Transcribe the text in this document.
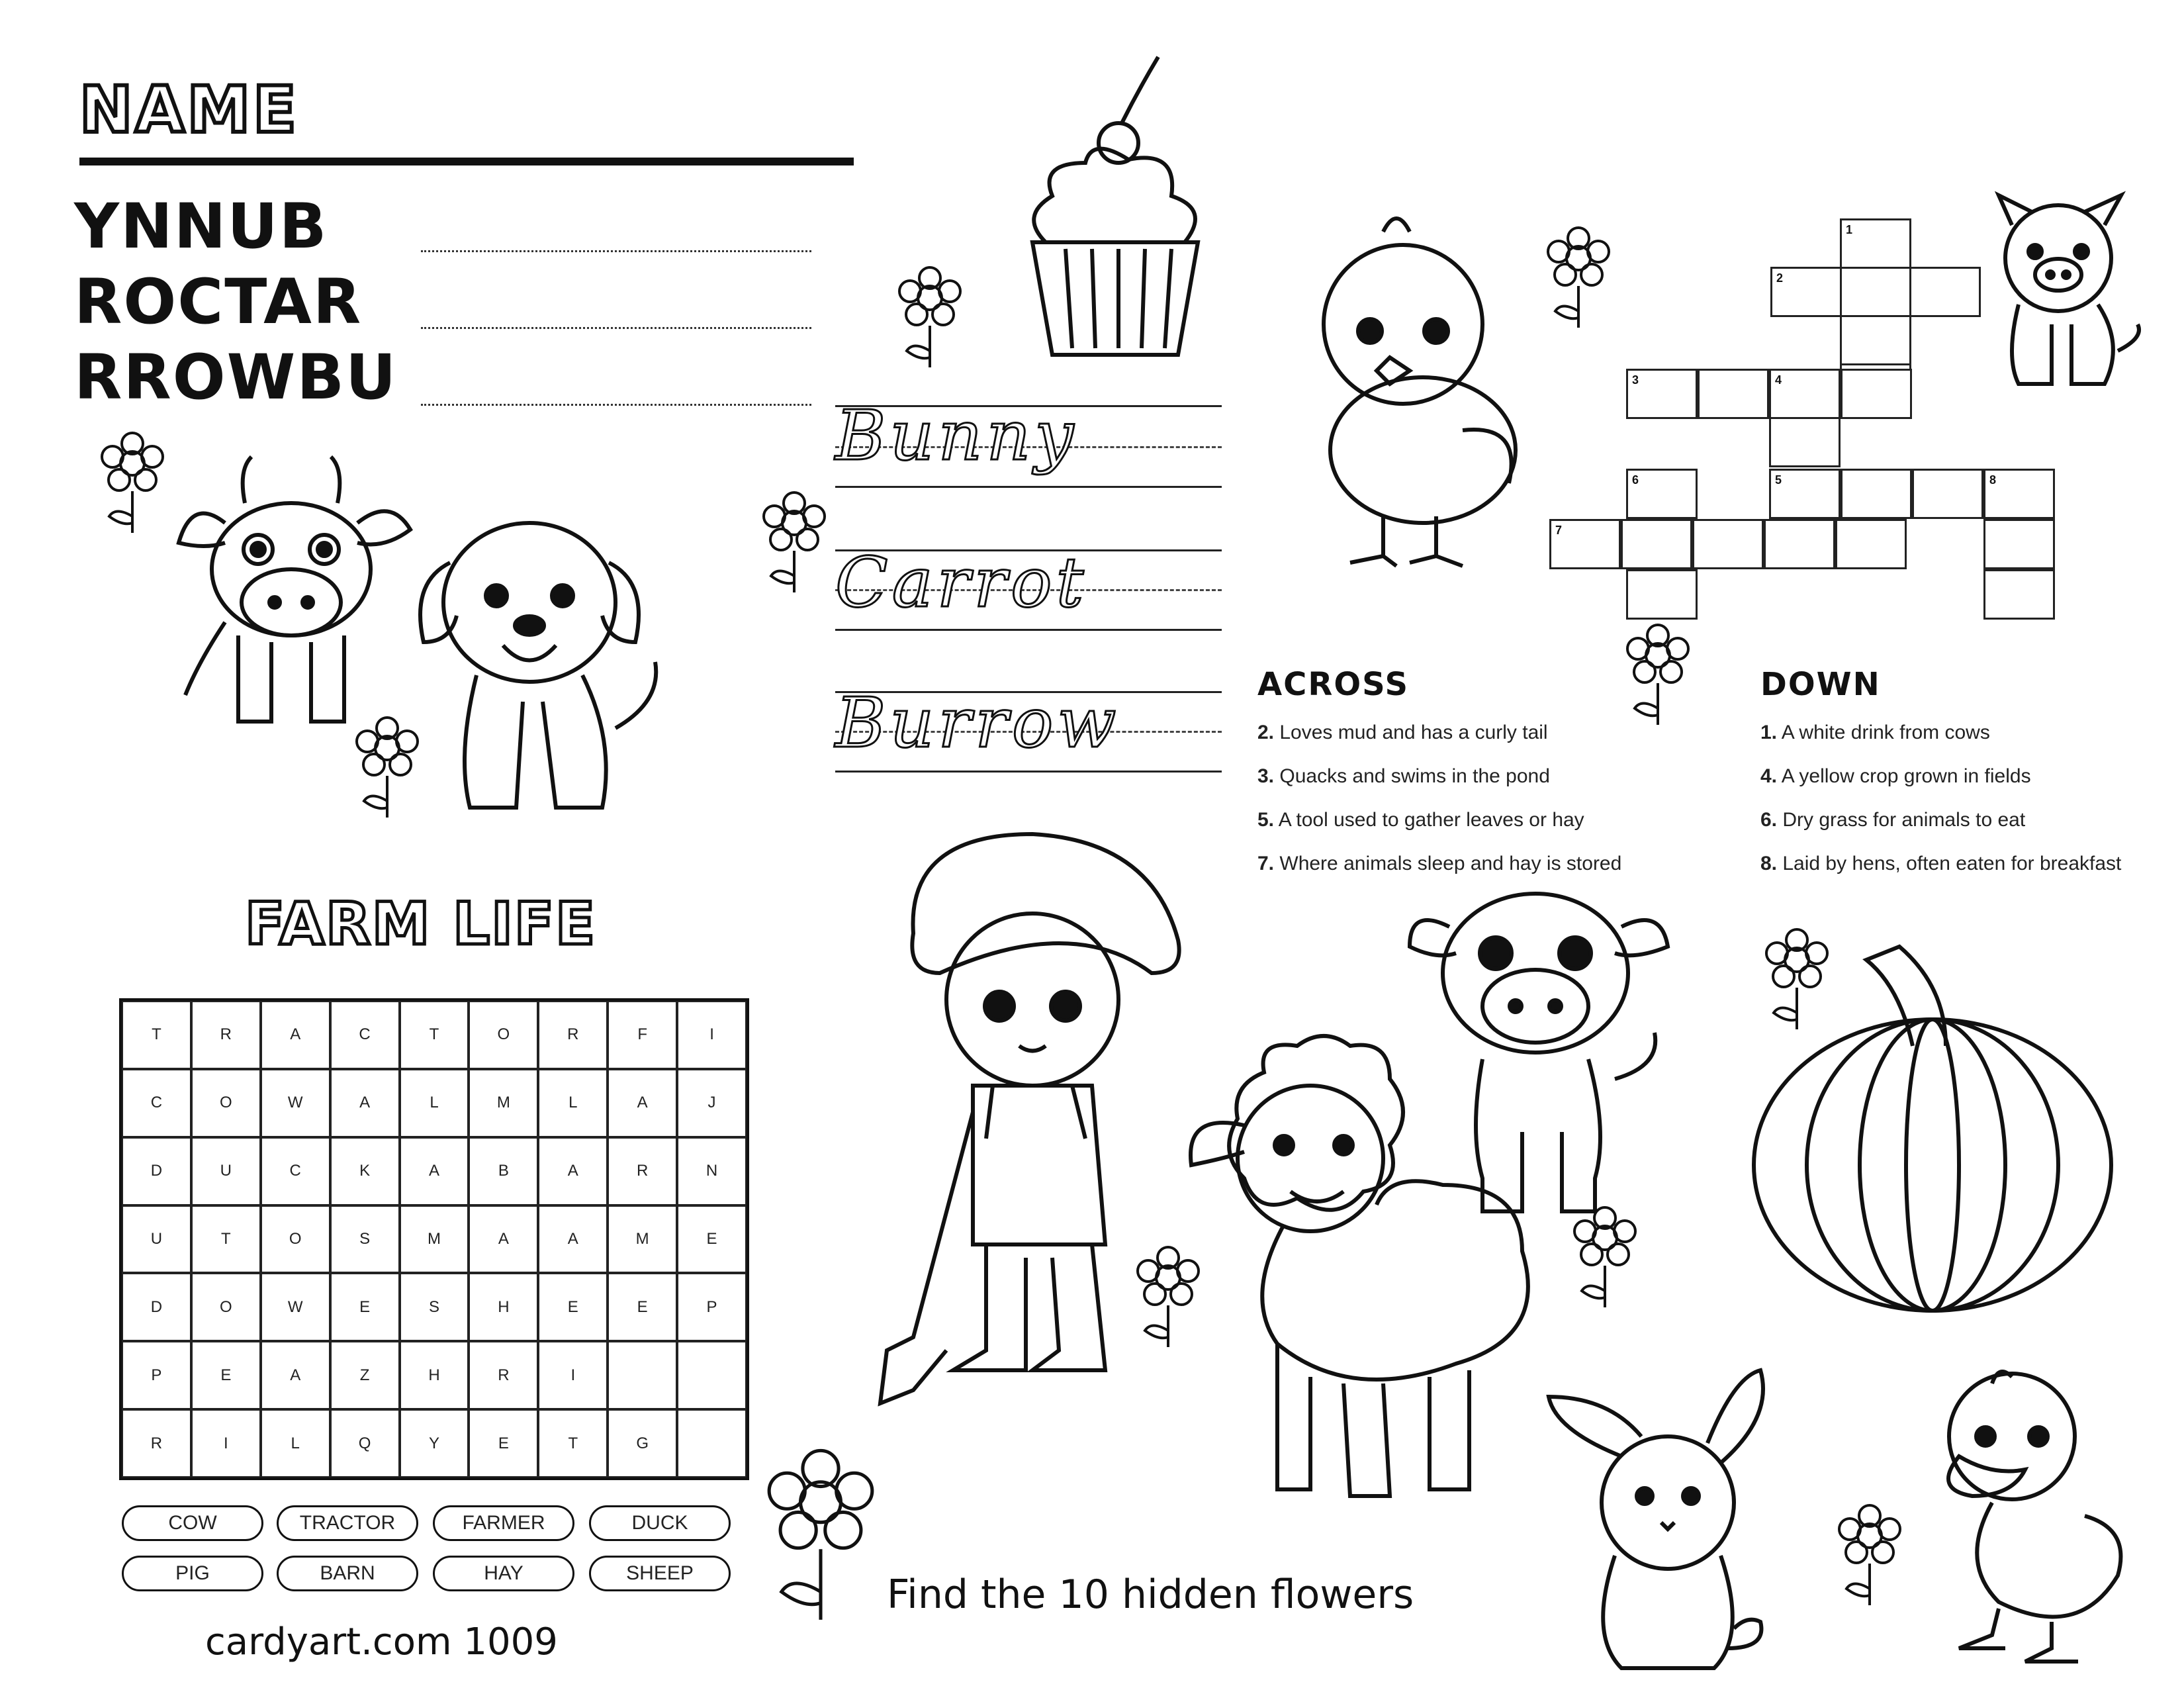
NAME
YNNUB
ROCTAR
RROWBU
FARM LIFE
T	R	A	C	T	O	R	F	I
C	O	W	A	L	M	L	A	J
D	U	C	K	A	B	A	R	N
U	T	O	S	M	A	A	M	E
D	O	W	E	S	H	E	E	P
P	E	A	Z	H	R	I
R	I	L	Q	Y	E	T	G
COW	TRACTOR	FARMER	DUCK
PIG	BARN	HAY	SHEEP
cardyart.com 1009
Bunny
Carrot
Burrow
1
2
3	4
6	5	8
7
ACROSS
2. Loves mud and has a curly tail
3. Quacks and swims in the pond
5. A tool used to gather leaves or hay
7. Where animals sleep and hay is stored
DOWN
1. A white drink from cows
4. A yellow crop grown in fields
6. Dry grass for animals to eat
8. Laid by hens, often eaten for breakfast
Find the 10 hidden flowers
